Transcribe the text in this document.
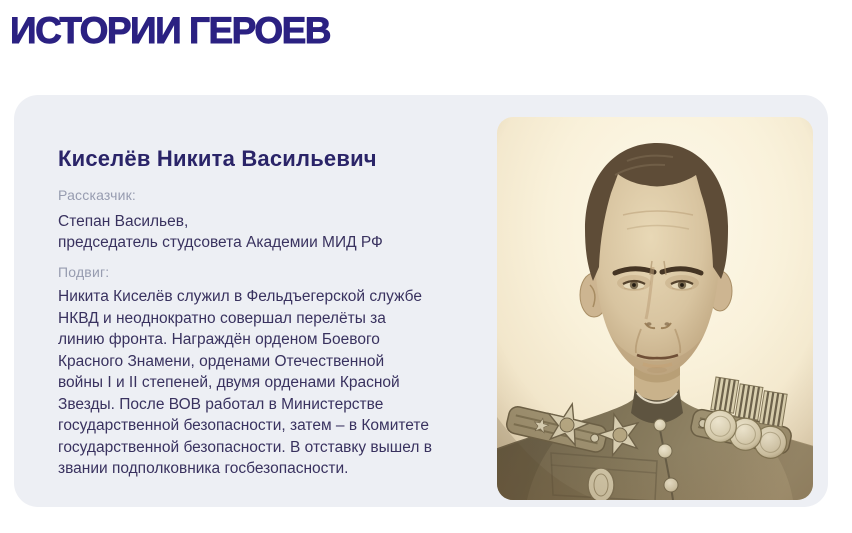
ИСТОРИИ ГЕРОЕВ
Киселёв Никита Васильевич
Рассказчик:
Степан Васильев,
председатель студсовета Академии МИД РФ
Подвиг:
Никита Киселёв служил в Фельдъегерской службе
НКВД и неоднократно совершал перелёты за
линию фронта. Награждён орденом Боевого
Красного Знамени, орденами Отечественной
войны I и II степеней, двумя орденами Красной
Звезды. После ВОВ работал в Министерстве
государственной безопасности, затем – в Комитете
государственной безопасности. В отставку вышел в
звании подполковника госбезопасности.
